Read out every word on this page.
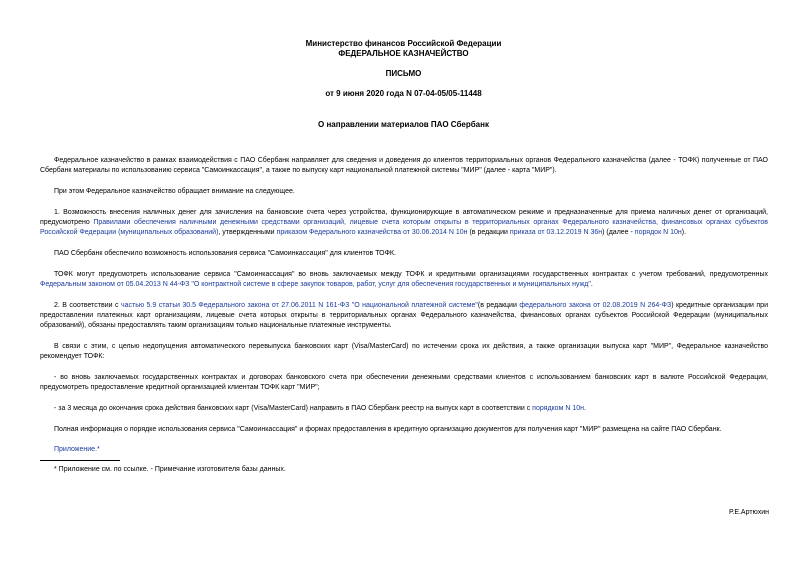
Министерство финансов Российской Федерации
ФЕДЕРАЛЬНОЕ КАЗНАЧЕЙСТВО
ПИСЬМО
от 9 июня 2020 года N 07-04-05/05-11448
О направлении материалов ПАО Сбербанк

Федеральное казначейство в рамках взаимодействия с ПАО Сбербанк направляет для сведения и доведения до клиентов территориальных органов Федерального казначейства (далее - ТОФК) полученные от ПАО Сбербанк материалы по использованию сервиса "Самоинкассация", а также по выпуску карт национальной платежной системы "МИР" (далее - карта "МИР").

При этом Федеральное казначейство обращает внимание на следующее.

1. Возможность внесения наличных денег для зачисления на банковские счета через устройства, функционирующие в автоматическом режиме и предназначенные для приема наличных денег от организаций, предусмотрено Правилами обеспечения наличными денежными средствами организаций, лицевые счета которым открыты в территориальных органах Федерального казначейства, финансовых органах субъектов Российской Федерации (муниципальных образований), утвержденными приказом Федерального казначейства от 30.06.2014 N 10н (в редакции приказа от 03.12.2019 N 36н) (далее - порядок N 10н).

ПАО Сбербанк обеспечило возможность использования сервиса "Самоинкассация" для клиентов ТОФК.

ТОФК могут предусмотреть использование сервиса "Самоинкассация" во вновь заключаемых между ТОФК и кредитными организациями государственных контрактах с учетом требований, предусмотренных Федеральным законом от 05.04.2013 N 44-ФЗ "О контрактной системе в сфере закупок товаров, работ, услуг для обеспечения государственных и муниципальных нужд".

2. В соответствии с частью 5.9 статьи 30.5 Федерального закона от 27.06.2011 N 161-ФЗ "О национальной платежной системе"(в редакции федерального закона от 02.08.2019 N 264-ФЗ) кредитные организации при предоставлении платежных карт организациям, лицевые счета которых открыты в территориальных органах Федерального казначейства, финансовых органах субъектов Российской Федерации (муниципальных образований), обязаны предоставлять таким организациям только национальные платежные инструменты.

В связи с этим, с целью недопущения автоматического перевыпуска банковских карт (Visa/MasterCard) по истечении срока их действия, а также организации выпуска карт "МИР", Федеральное казначейство рекомендует ТОФК:

- во вновь заключаемых государственных контрактах и договорах банковского счета при обеспечении денежными средствами клиентов с использованием банковских карт в валюте Российской Федерации, предусмотреть предоставление кредитной организацией клиентам ТОФК карт "МИР";

- за 3 месяца до окончания срока действия банковских карт (Visa/MasterCard) направить в ПАО Сбербанк реестр на выпуск карт в соответствии с порядком N 10н.

Полная информация о порядке использования сервиса "Самоинкассация" и формах предоставления в кредитную организацию документов для получения карт "МИР" размещена на сайте ПАО Сбербанк.

Приложение.*

* Приложение см. по ссылке. - Примечание изготовителя базы данных.
Р.Е.Артюхин
